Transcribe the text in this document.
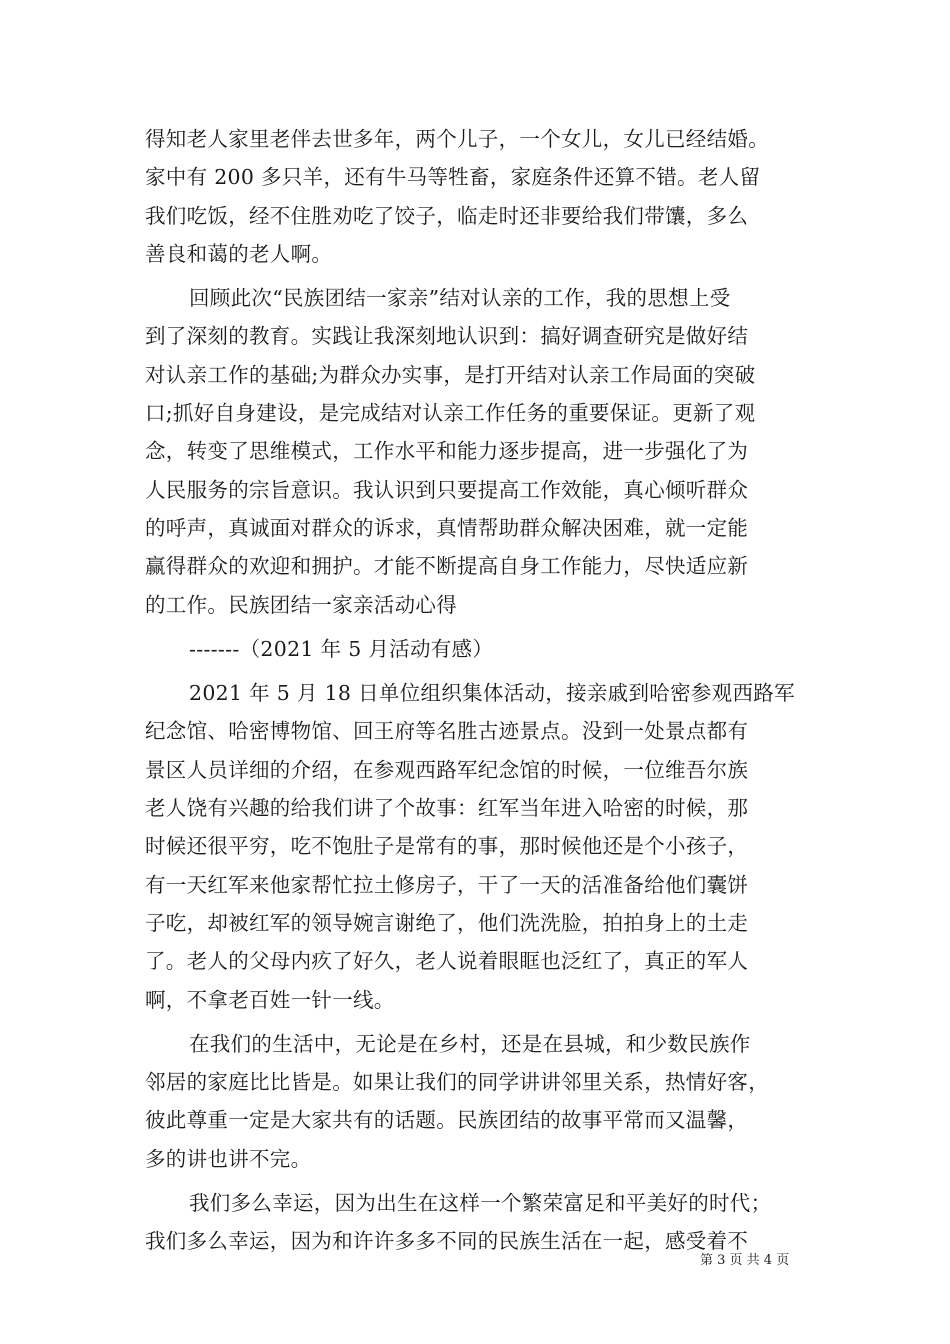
得知老人家里老伴去世多年，两个儿子，一个女儿，女儿已经结婚。
家中有 200 多只羊，还有牛马等牲畜，家庭条件还算不错。老人留
我们吃饭，经不住胜劝吃了饺子，临走时还非要给我们带馕，多么
善良和蔼的老人啊。
回顾此次“民族团结一家亲”结对认亲的工作，我的思想上受
到了深刻的教育。实践让我深刻地认识到：搞好调查研究是做好结
对认亲工作的基础;为群众办实事，是打开结对认亲工作局面的突破
口;抓好自身建设，是完成结对认亲工作任务的重要保证。更新了观
念，转变了思维模式，工作水平和能力逐步提高，进一步强化了为
人民服务的宗旨意识。我认识到只要提高工作效能，真心倾听群众
的呼声，真诚面对群众的诉求，真情帮助群众解决困难，就一定能
赢得群众的欢迎和拥护。才能不断提高自身工作能力，尽快适应新
的工作。民族团结一家亲活动心得
-------（2021 年 5 月活动有感）
2021 年 5 月 18 日单位组织集体活动，接亲戚到哈密参观西路军
纪念馆、哈密博物馆、回王府等名胜古迹景点。没到一处景点都有
景区人员详细的介绍，在参观西路军纪念馆的时候，一位维吾尔族
老人饶有兴趣的给我们讲了个故事：红军当年进入哈密的时候，那
时候还很平穷，吃不饱肚子是常有的事，那时候他还是个小孩子，
有一天红军来他家帮忙拉土修房子，干了一天的活准备给他们囊饼
子吃，却被红军的领导婉言谢绝了，他们洗洗脸，拍拍身上的土走
了。老人的父母内疚了好久，老人说着眼眶也泛红了，真正的军人
啊，不拿老百姓一针一线。
在我们的生活中，无论是在乡村，还是在县城，和少数民族作
邻居的家庭比比皆是。如果让我们的同学讲讲邻里关系，热情好客，
彼此尊重一定是大家共有的话题。民族团结的故事平常而又温馨，
多的讲也讲不完。
我们多么幸运，因为出生在这样一个繁荣富足和平美好的时代；
我们多么幸运，因为和许许多多不同的民族生活在一起，感受着不
第 3 页 共 4 页
